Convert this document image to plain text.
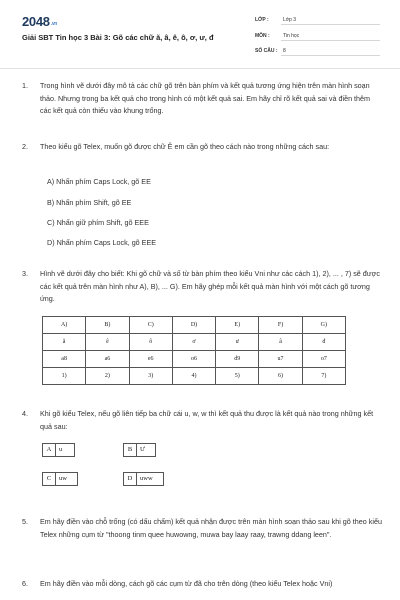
2048.vn
Giải SBT Tin học 3 Bài 3: Gõ các chữ ă, â, ê, ô, ơ, ư, đ
LỚP :	Lớp 3
MÔN :	Tin học
SỐ CÂU : 8
1. Trong hình vẽ dưới đây mô tả các chữ gõ trên bàn phím và kết quả tương ứng hiện trên màn hình soạn thảo. Nhưng trong ba kết quả cho trong hình có một kết quả sai. Em hãy chỉ rõ kết quả sai và điền thêm các kết quả còn thiếu vào khung trống.
2. Theo kiểu gõ Telex, muốn gõ được chữ Ê em cần gõ theo cách nào trong những cách sau:
A) Nhấn phím Caps Lock, gõ EE
B) Nhấn phím Shift, gõ EE
C) Nhấn giữ phím Shift, gõ EEE
D) Nhấn phím Caps Lock, gõ EEE
3. Hình vẽ dưới đây cho biết: Khi gõ chữ và số từ bàn phím theo kiểu Vni như các cách 1), 2), ... , 7) sẽ được các kết quả trên màn hình như A), B), ... G). Em hãy ghép mỗi kết quả màn hình với một cách gõ tương ứng.
A)	B)	C)	D)	E)	F)	G)
ă	ê	ô	ơ	ư	â	đ
a8	a6	e6	o6	d9	u7	o7
1)	2)	3)	4)	5)	6)	7)
4. Khi gõ kiểu Telex, nếu gõ liên tiếp ba chữ cái u, w, w thì kết quả thu được là kết quả nào trong những kết quả sau:
A	u	B	Ư
C	uw	D	uww
5. Em hãy điền vào chỗ trống (có dấu chấm) kết quả nhận được trên màn hình soạn thảo sau khi gõ theo kiểu Telex những cụm từ "thoong tinm quee huwowng, muwa bay laay raay, trawng ddang leen".
6. Em hãy điền vào mỗi dòng, cách gõ các cụm từ đã cho trên dòng (theo kiểu Telex hoặc Vni)
